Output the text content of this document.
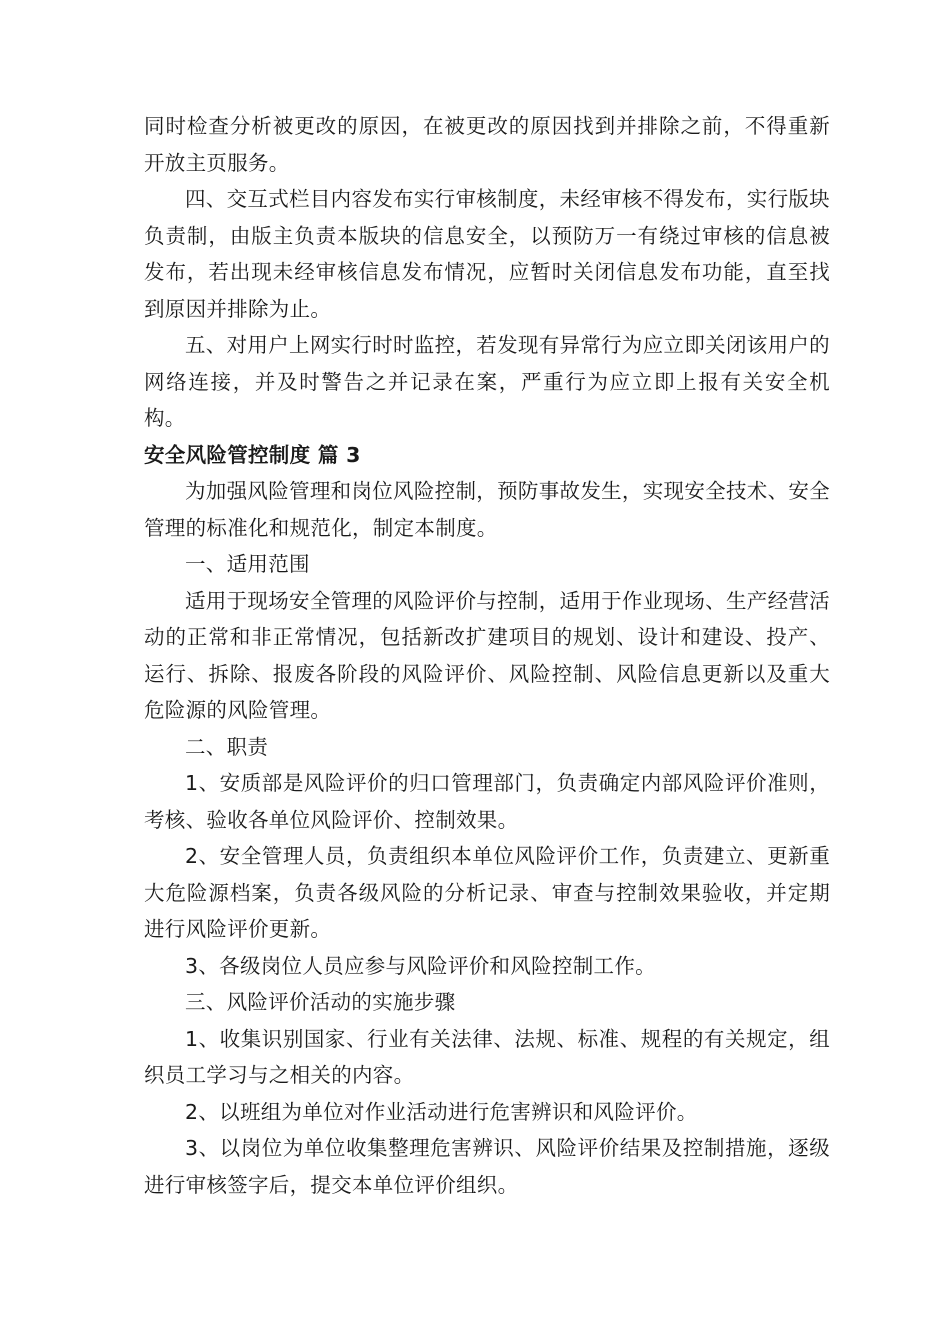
同时检查分析被更改的原因，在被更改的原因找到并排除之前，不得重新开放主页服务。

四、交互式栏目内容发布实行审核制度，未经审核不得发布，实行版块负责制，由版主负责本版块的信息安全，以预防万一有绕过审核的信息被发布，若出现未经审核信息发布情况，应暂时关闭信息发布功能，直至找到原因并排除为止。

五、对用户上网实行时时监控，若发现有异常行为应立即关闭该用户的网络连接，并及时警告之并记录在案，严重行为应立即上报有关安全机构。

安全风险管控制度 篇 3

为加强风险管理和岗位风险控制，预防事故发生，实现安全技术、安全管理的标准化和规范化，制定本制度。

一、适用范围

适用于现场安全管理的风险评价与控制，适用于作业现场、生产经营活动的正常和非正常情况，包括新改扩建项目的规划、设计和建设、投产、运行、拆除、报废各阶段的风险评价、风险控制、风险信息更新以及重大危险源的风险管理。

二、职责

1、安质部是风险评价的归口管理部门，负责确定内部风险评价准则，考核、验收各单位风险评价、控制效果。

2、安全管理人员，负责组织本单位风险评价工作，负责建立、更新重大危险源档案，负责各级风险的分析记录、审查与控制效果验收，并定期进行风险评价更新。

3、各级岗位人员应参与风险评价和风险控制工作。

三、风险评价活动的实施步骤

1、收集识别国家、行业有关法律、法规、标准、规程的有关规定，组织员工学习与之相关的内容。

2、以班组为单位对作业活动进行危害辨识和风险评价。

3、以岗位为单位收集整理危害辨识、风险评价结果及控制措施，逐级进行审核签字后，提交本单位评价组织。
